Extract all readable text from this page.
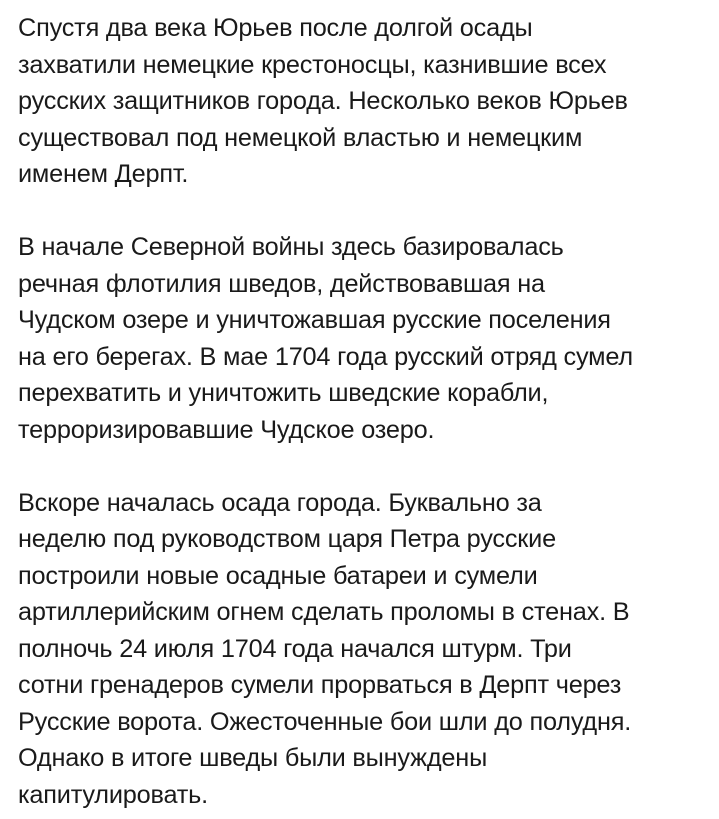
Спустя два века Юрьев после долгой осады
захватили немецкие крестоносцы, казнившие всех
русских защитников города. Несколько веков Юрьев
существовал под немецкой властью и немецким
именем Дерпт.

В начале Северной войны здесь базировалась
речная флотилия шведов, действовавшая на
Чудском озере и уничтожавшая русские поселения
на его берегах. В мае 1704 года русский отряд сумел
перехватить и уничтожить шведские корабли,
терроризировавшие Чудское озеро.

Вскоре началась осада города. Буквально за
неделю под руководством царя Петра русские
построили новые осадные батареи и сумели
артиллерийским огнем сделать проломы в стенах. В
полночь 24 июля 1704 года начался штурм. Три
сотни гренадеров сумели прорваться в Дерпт через
Русские ворота. Ожесточенные бои шли до полудня.
Однако в итоге шведы были вынуждены
капитулировать.
